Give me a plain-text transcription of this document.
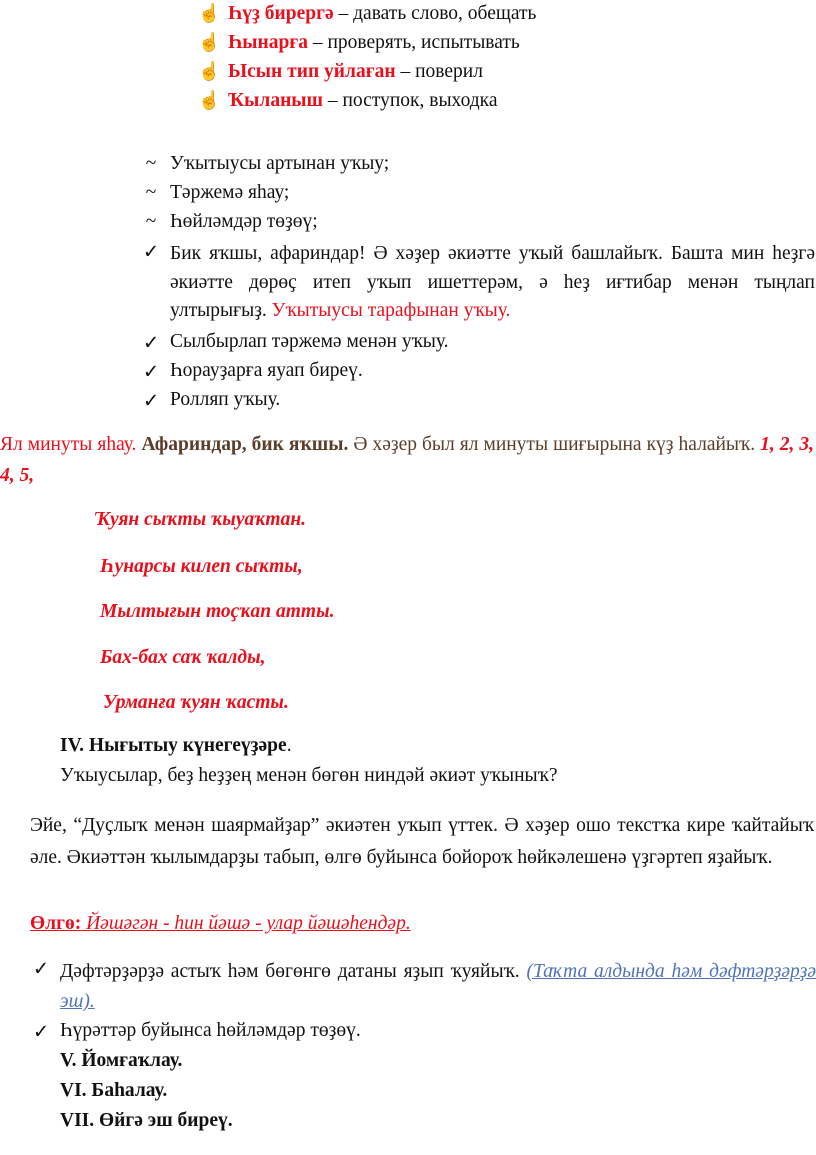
☝ Һүҙ бирергә – давать слово, обещать
☝ Һынарға – проверять, испытывать
☝ Ысын тип уйлаған – поверил
☝ Ҡыланыш – поступок, выходка
~ Уҡытыусы артынан уҡыу;
~ Тәржемә яһау;
~ Һөйләмдәр төҙөү;
✓ Бик яҡшы, афариндар! Ә хәҙер әкиәтте уҡый башлайыҡ. Башта мин һеҙгә әкиәтте дөрөҫ итеп уҡып ишеттерәм, ә һеҙ иғтибар менән тыңлап ултырығыҙ. Уҡытыусы тарафынан уҡыу.
✓ Сылбырлап тәржемә менән уҡыу.
✓ Һорауҙарға яуап биреү.
✓ Ролляп уҡыу.
Ял минуты яһау. Афариндар, бик яҡшы. Ә хәҙер был ял минуты шиғырына күҙ һалайыҡ. 1, 2, 3, 4, 5,
Ҡуян сыҡты ҡыуаҡтан.
Һунарсы килеп сыҡты,
Мылтығын тоҫҡап атты.
Бах-бах саҡ ҡалды,
Урманға ҡуян ҡасты.
IV. Нығытыу күнегеүҙәре.
Уҡыусылар, беҙ һеҙҙең менән бөгөн ниндәй әкиәт уҡыныҡ?
Эйе, “Дуҫлыҡ менән шаярмайҙар” әкиәтен уҡып үттек. Ә хәҙер ошо текстҡа кире ҡайтайыҡ әле. Әкиәттән ҡылымдарҙы табып, өлгө буйынса бойороҡ һөйкәлешенә үҙгәртеп яҙайыҡ.
Өлгө: Йәшәгән - һин йәшә - улар йәшәһендәр.
✓ Дәфтәрҙәрҙә астыҡ һәм бөгөнгө датаны яҙып ҡуяйыҡ. (Таҡта алдында һәм дәфтәрҙәрҙә эш).
✓ Һүрәттәр буйынса һөйләмдәр төҙөү.
V. Йомғаҡлау.
VI. Баһалау.
VII. Өйгә эш биреү.
